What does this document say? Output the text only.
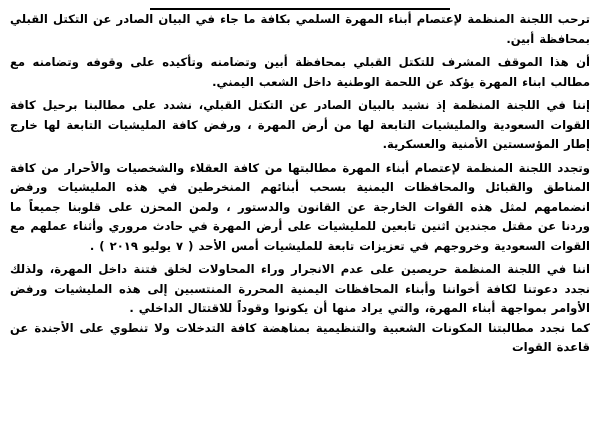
ترحب اللجنة المنظمة لإعتصام أبناء المهرة السلمي بكافة ما جاء في البيان الصادر عن التكتل القبلي بمحافظة أبين.

أن هذا الموقف المشرف للتكتل القبلي بمحافظة أبين وتضامنه وتأكيده على وقوفه وتضامنه مع مطالب ابناء المهرة يؤكد عن اللحمة الوطنية داخل الشعب اليمني.

إننا في اللجنة المنظمة إذ نشيد بالبيان الصادر عن التكتل القبلي، نشدد على مطالبنا برحيل كافة القوات السعودية والمليشيات التابعة لها من أرض المهرة ، ورفض كافة المليشيات التابعة لها خارج إطار المؤسستين الأمنية والعسكرية.

وتجدد اللجنة المنظمة لإعتصام أبناء المهرة مطالبتها من كافة العقلاء والشخصيات والأحرار من كافة المناطق والقبائل والمحافظات اليمنية بسحب أبنائهم المنخرطين في هذه المليشيات ورفض انضمامهم لمثل هذه القوات الخارجة عن القانون والدستور ، ولمن المحزن على قلوبنا جميعاً ما وردنا عن مقتل مجندين اثنين تابعين للمليشيات على أرض المهرة في حادث مروري وأثناء عملهم مع القوات السعودية وخروجهم في تعزيزات تابعة للمليشيات أمس الأحد ( ٧ يوليو ٢٠١٩ ) .

اننا في اللجنة المنظمة حريصين على عدم الانجرار وراء المحاولات لخلق فتنة داخل المهرة، ولذلك نجدد دعوتنا لكافة أخواننا وأبناء المحافظات اليمنية المحررة المنتسبين إلى هذه المليشيات ورفض الأوامر بمواجهة أبناء المهرة، والتي يراد منها أن يكونوا وقوداً للاقتتال الداخلي .

كما نجدد مطالبتنا المكونات الشعبية والتنظيمية بمناهضة كافة التدخلات ولا تنطوي على الأجندة عن قاعدة القوات
